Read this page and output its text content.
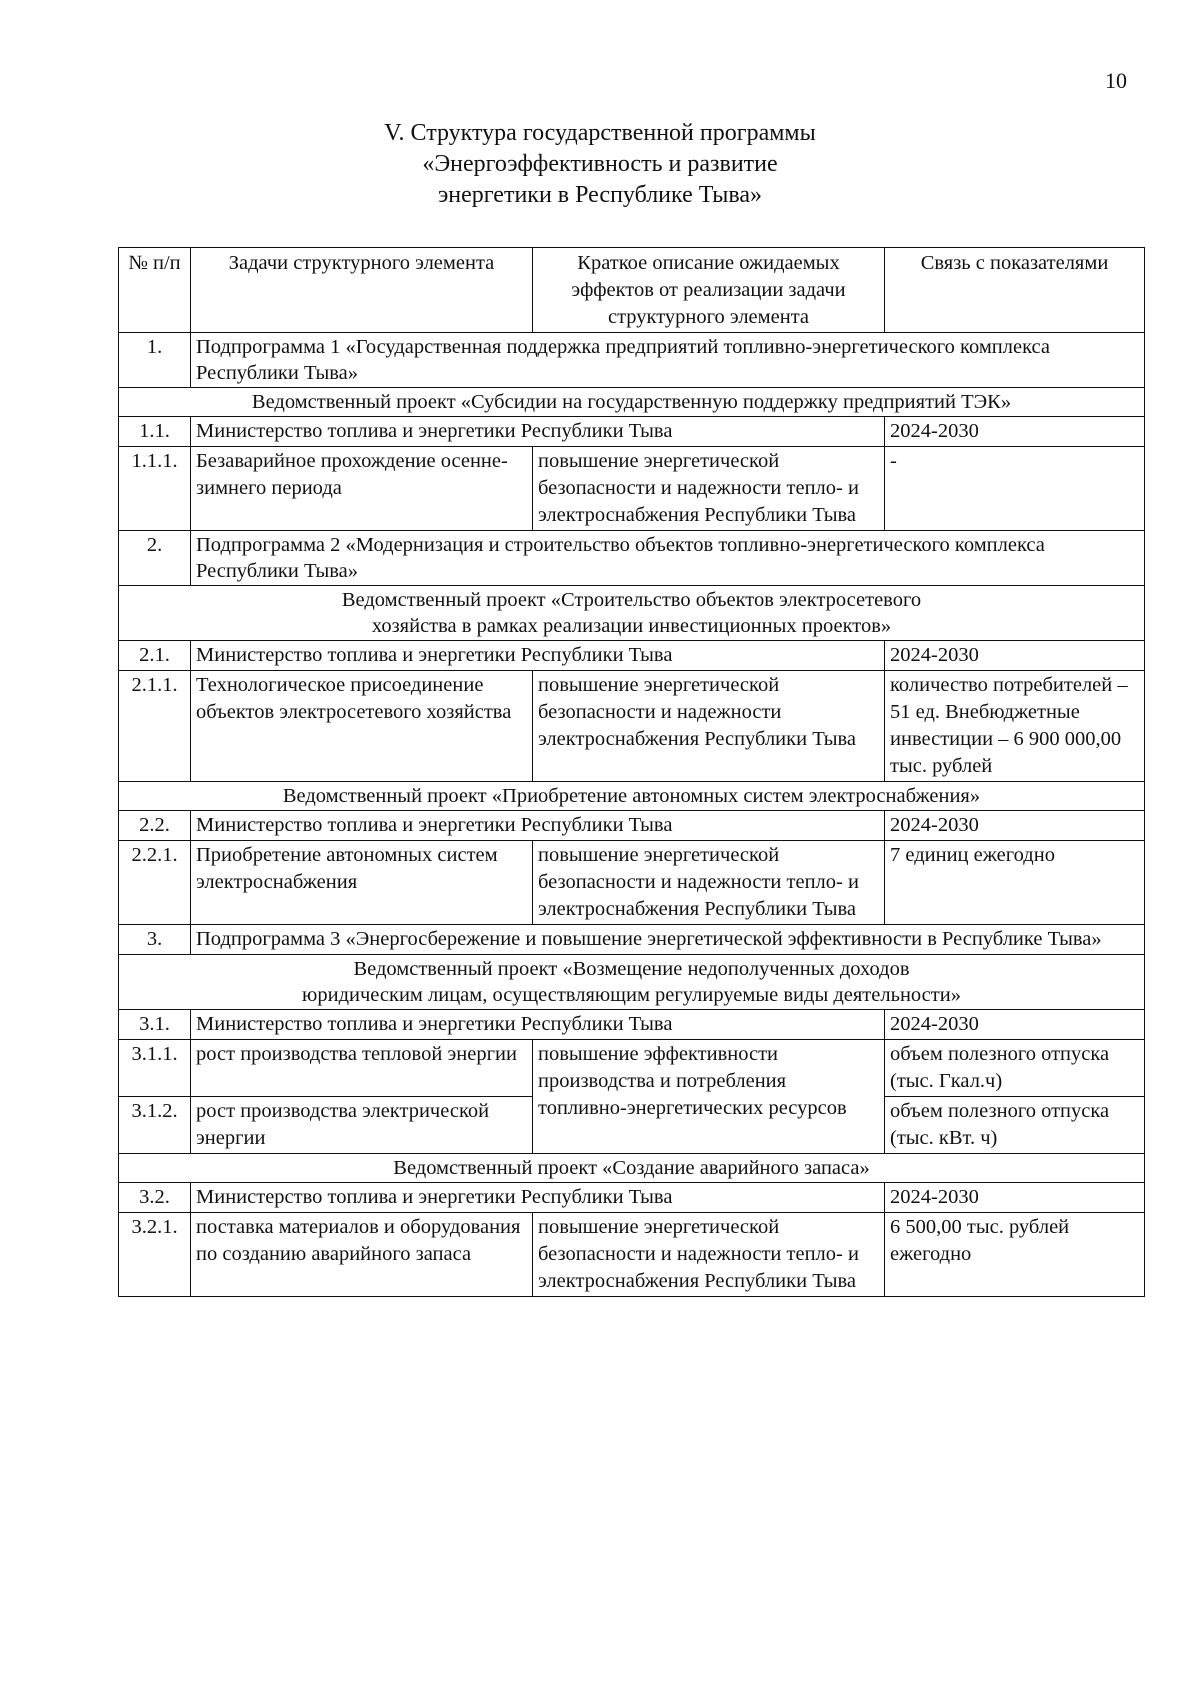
10
V. Структура государственной программы
«Энергоэффективность и развитие
энергетики в Республике Тыва»
№ п/п	Задачи структурного элемента	Краткое описание ожидаемых эффектов от реализации задачи структурного элемента	Связь с показателями
1.	Подпрограмма 1 «Государственная поддержка предприятий топливно-энергетического комплекса Республики Тыва»		

Ведомственный проект «Субсидии на государственную поддержку предприятий ТЭК»			

1.1.	Министерство топлива и энергетики Республики Тыва		2024-2030
1.1.1.	Безаварийное прохождение осенне-зимнего периода	повышение энергетической безопасности и надежности тепло- и электроснабжения Республики Тыва	-
2.	Подпрограмма 2 «Модернизация и строительство объектов топливно-энергетического комплекса Республики Тыва»		

Ведомственный проект «Строительство объектов электросетевого
хозяйства в рамках реализации инвестиционных проектов»			

2.1.	Министерство топлива и энергетики Республики Тыва		2024-2030
2.1.1.	Технологическое присоединение объектов электросетевого хозяйства	повышение энергетической безопасности и надежности электроснабжения Республики Тыва	количество потребителей – 51 ед. Внебюджетные инвестиции – 6 900 000,00 тыс. рублей

Ведомственный проект «Приобретение автономных систем электроснабжения»			

2.2.	Министерство топлива и энергетики Республики Тыва		2024-2030
2.2.1.	Приобретение автономных систем электроснабжения	повышение энергетической безопасности и надежности тепло- и электроснабжения Республики Тыва	7 единиц ежегодно
3.	Подпрограмма 3 «Энергосбережение и повышение энергетической эффективности в Республике Тыва»		

Ведомственный проект «Возмещение недополученных доходов
юридическим лицам, осуществляющим регулируемые виды деятельности»			

3.1.	Министерство топлива и энергетики Республики Тыва		2024-2030
3.1.1.	рост производства тепловой энергии	повышение эффективности производства и потребления топливно-энергетических ресурсов	объем полезного отпуска (тыс. Гкал.ч)
3.1.2.	рост производства электрической энергии		объем полезного отпуска (тыс. кВт. ч)

Ведомственный проект «Создание аварийного запаса»			

3.2.	Министерство топлива и энергетики Республики Тыва		2024-2030
3.2.1.	поставка материалов и оборудования по созданию аварийного запаса	повышение энергетической безопасности и надежности тепло- и электроснабжения Республики Тыва	6 500,00 тыс. рублей ежегодно
